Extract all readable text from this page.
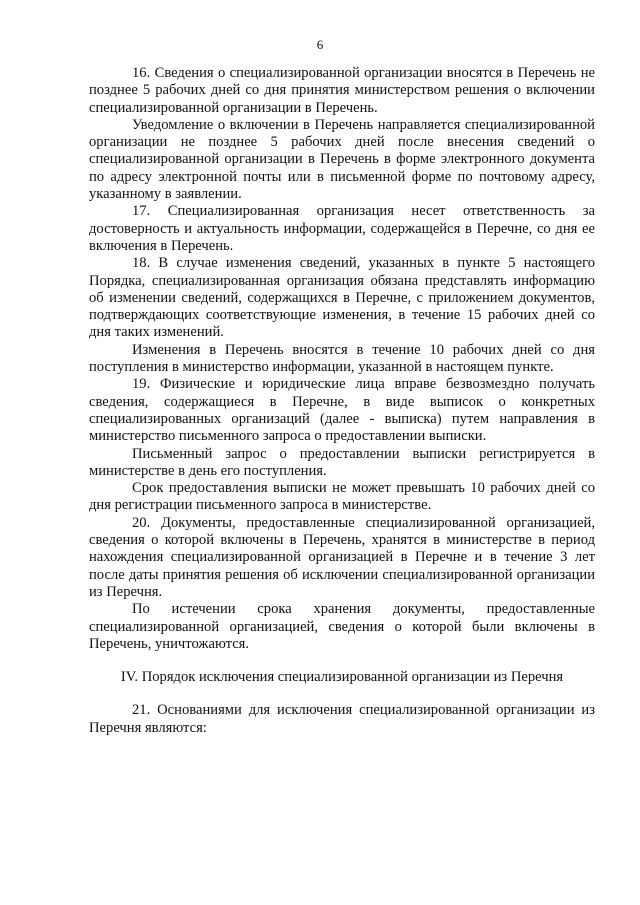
6

16. Сведения о специализированной организации вносятся в Перечень не позднее 5 рабочих дней со дня принятия министерством решения о включении специализированной организации в Перечень.

Уведомление о включении в Перечень направляется специализированной организации не позднее 5 рабочих дней после внесения сведений о специализированной организации в Перечень в форме электронного документа по адресу электронной почты или в письменной форме по почтовому адресу, указанному в заявлении.

17. Специализированная организация несет ответственность за достоверность и актуальность информации, содержащейся в Перечне, со дня ее включения в Перечень.

18. В случае изменения сведений, указанных в пункте 5 настоящего Порядка, специализированная организация обязана представлять информацию об изменении сведений, содержащихся в Перечне, с приложением документов, подтверждающих соответствующие изменения, в течение 15 рабочих дней со дня таких изменений.

Изменения в Перечень вносятся в течение 10 рабочих дней со дня поступления в министерство информации, указанной в настоящем пункте.

19. Физические и юридические лица вправе безвозмездно получать сведения, содержащиеся в Перечне, в виде выписок о конкретных специализированных организаций (далее - выписка) путем направления в министерство письменного запроса о предоставлении выписки.

Письменный запрос о предоставлении выписки регистрируется в министерстве в день его поступления.

Срок предоставления выписки не может превышать 10 рабочих дней со дня регистрации письменного запроса в министерстве.

20. Документы, предоставленные специализированной организацией, сведения о которой включены в Перечень, хранятся в министерстве в период нахождения специализированной организацией в Перечне и в течение 3 лет после даты принятия решения об исключении специализированной организации из Перечня.

По истечении срока хранения документы, предоставленные специализированной организацией, сведения о которой были включены в Перечень, уничтожаются.

IV. Порядок исключения специализированной организации из Перечня

21. Основаниями для исключения специализированной организации из Перечня являются:
